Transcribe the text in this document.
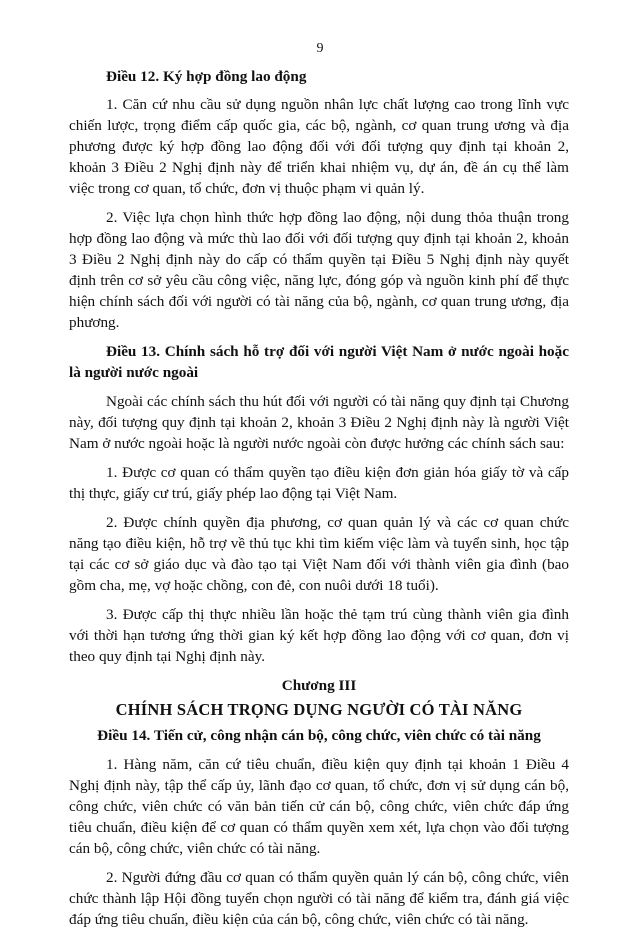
9

Điều 12. Ký hợp đồng lao động

1. Căn cứ nhu cầu sử dụng nguồn nhân lực chất lượng cao trong lĩnh vực chiến lược, trọng điểm cấp quốc gia, các bộ, ngành, cơ quan trung ương và địa phương được ký hợp đồng lao động đối với đối tượng quy định tại khoản 2, khoản 3 Điều 2 Nghị định này để triển khai nhiệm vụ, dự án, đề án cụ thể làm việc trong cơ quan, tổ chức, đơn vị thuộc phạm vi quản lý.

2. Việc lựa chọn hình thức hợp đồng lao động, nội dung thỏa thuận trong hợp đồng lao động và mức thù lao đối với đối tượng quy định tại khoản 2, khoản 3 Điều 2 Nghị định này do cấp có thẩm quyền tại Điều 5 Nghị định này quyết định trên cơ sở yêu cầu công việc, năng lực, đóng góp và nguồn kinh phí để thực hiện chính sách đối với người có tài năng của bộ, ngành, cơ quan trung ương, địa phương.

Điều 13. Chính sách hỗ trợ đối với người Việt Nam ở nước ngoài hoặc là người nước ngoài

Ngoài các chính sách thu hút đối với người có tài năng quy định tại Chương này, đối tượng quy định tại khoản 2, khoản 3 Điều 2 Nghị định này là người Việt Nam ở nước ngoài hoặc là người nước ngoài còn được hưởng các chính sách sau:

1. Được cơ quan có thẩm quyền tạo điều kiện đơn giản hóa giấy tờ và cấp thị thực, giấy cư trú, giấy phép lao động tại Việt Nam.

2. Được chính quyền địa phương, cơ quan quản lý và các cơ quan chức năng tạo điều kiện, hỗ trợ về thủ tục khi tìm kiếm việc làm và tuyển sinh, học tập tại các cơ sở giáo dục và đào tạo tại Việt Nam đối với thành viên gia đình (bao gồm cha, mẹ, vợ hoặc chồng, con đẻ, con nuôi dưới 18 tuổi).

3. Được cấp thị thực nhiều lần hoặc thẻ tạm trú cùng thành viên gia đình với thời hạn tương ứng thời gian ký kết hợp đồng lao động với cơ quan, đơn vị theo quy định tại Nghị định này.

Chương III

CHÍNH SÁCH TRỌNG DỤNG NGƯỜI CÓ TÀI NĂNG

Điều 14. Tiến cử, công nhận cán bộ, công chức, viên chức có tài năng

1. Hàng năm, căn cứ tiêu chuẩn, điều kiện quy định tại khoản 1 Điều 4 Nghị định này, tập thể cấp ủy, lãnh đạo cơ quan, tổ chức, đơn vị sử dụng cán bộ, công chức, viên chức có văn bản tiến cử cán bộ, công chức, viên chức đáp ứng tiêu chuẩn, điều kiện để cơ quan có thẩm quyền xem xét, lựa chọn vào đối tượng cán bộ, công chức, viên chức có tài năng.

2. Người đứng đầu cơ quan có thẩm quyền quản lý cán bộ, công chức, viên chức thành lập Hội đồng tuyển chọn người có tài năng để kiểm tra, đánh giá việc đáp ứng tiêu chuẩn, điều kiện của cán bộ, công chức, viên chức có tài năng.
